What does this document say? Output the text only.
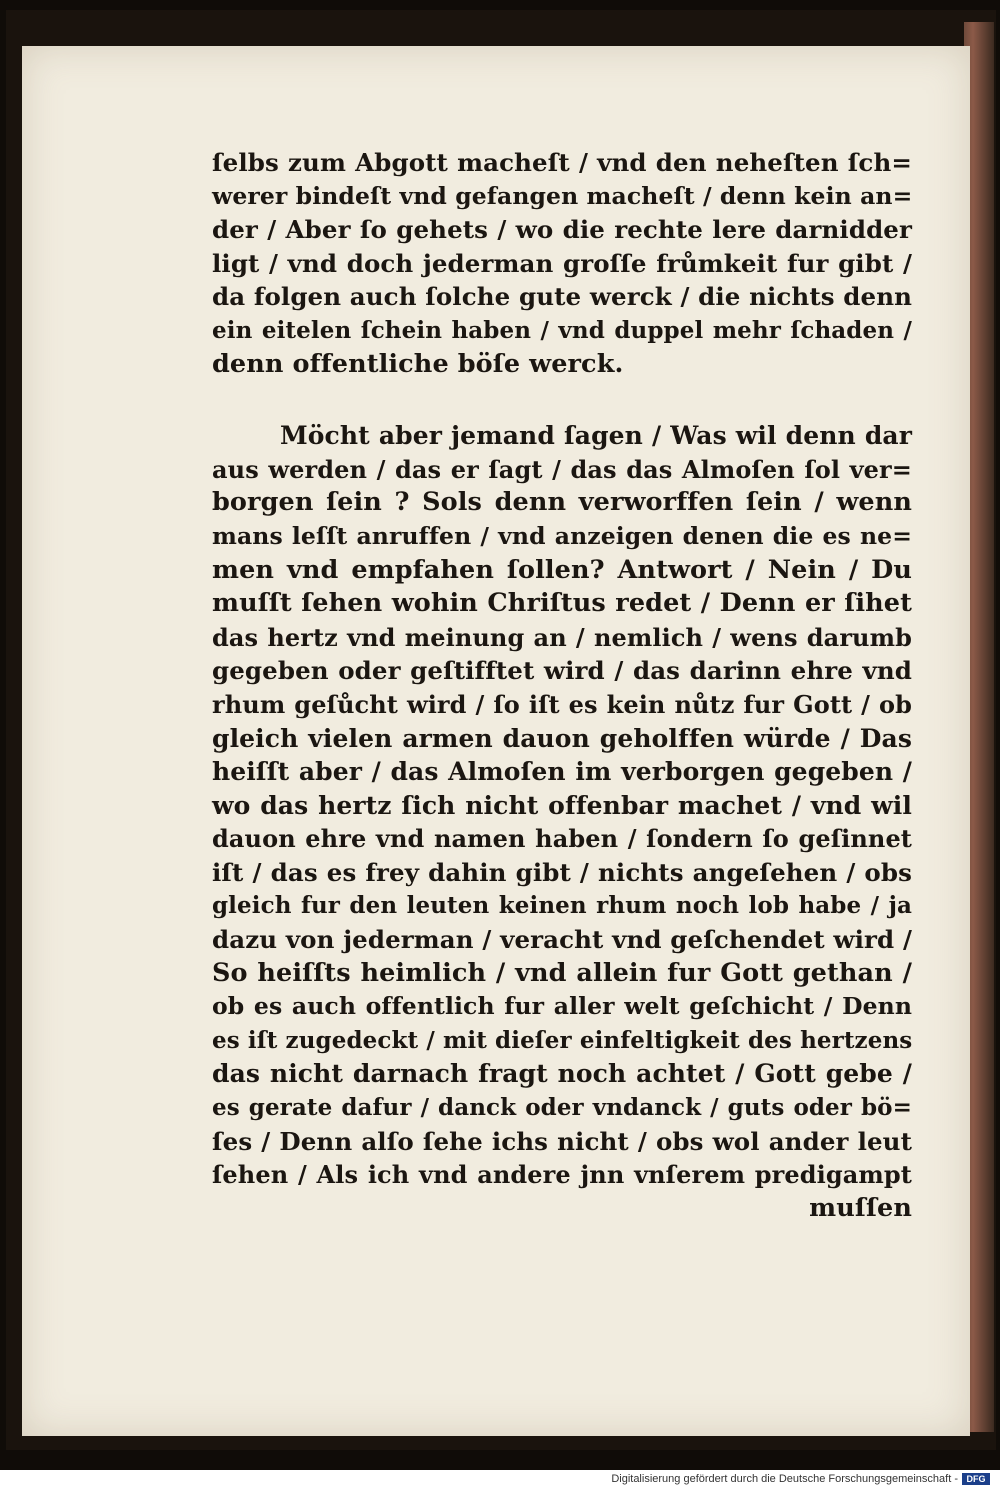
ſelbs zum Abgott macheſt / vnd den neheſten ſch=
werer bindeſt vnd gefangen macheſt / denn kein an=
der / Aber ſo gehets / wo die rechte lere darnidder
ligt / vnd doch jederman groſſe frůmkeit fur gibt /
da folgen auch ſolche gute werck / die nichts denn
ein eitelen ſchein haben / vnd duppel mehr ſchaden /
denn offentliche böſe werck.
Möcht aber jemand ſagen / Was wil denn dar
aus werden / das er ſagt / das das Almoſen ſol ver=
borgen ſein ? Sols denn verworffen ſein / wenn
mans leſſt anruffen / vnd anzeigen denen die es ne=
men vnd empfahen ſollen? Antwort / Nein / Du
muſſt ſehen wohin Chriſtus redet / Denn er ſihet
das hertz vnd meinung an / nemlich / wens darumb
gegeben oder geſtifftet wird / das darinn ehre vnd
rhum geſůcht wird / ſo iſt es kein nůtz fur Gott / ob
gleich vielen armen dauon geholffen würde / Das
heiſſt aber / das Almoſen im verborgen gegeben /
wo das hertz ſich nicht offenbar machet / vnd wil
dauon ehre vnd namen haben / ſondern ſo geſinnet
iſt / das es frey dahin gibt / nichts angeſehen / obs
gleich fur den leuten keinen rhum noch lob habe / ja
dazu von jederman / veracht vnd geſchendet wird /
So heiſſts heimlich / vnd allein fur Gott gethan /
ob es auch offentlich fur aller welt geſchicht / Denn
es iſt zugedeckt / mit dieſer einfeltigkeit des hertzens
das nicht darnach fragt noch achtet / Gott gebe /
es gerate dafur / danck oder vndanck / guts oder bö=
ſes / Denn alſo ſehe ichs nicht / obs wol ander leut
ſehen / Als ich vnd andere jnn vnſerem predigampt
muſſen
Digitalisierung gefördert durch die Deutsche Forschungsgemeinschaft - DFG
